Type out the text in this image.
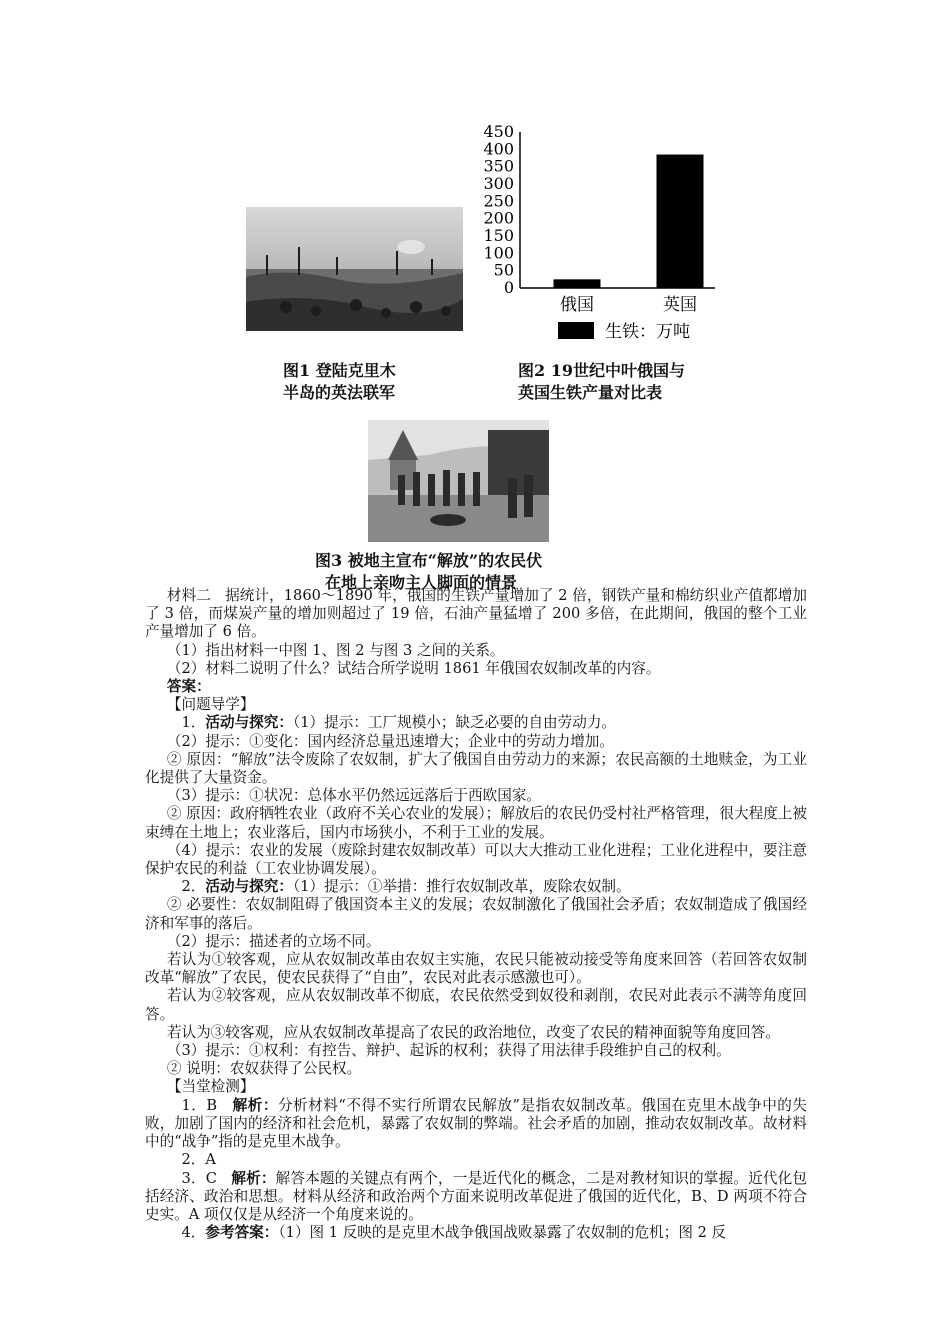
0
50
100
150
200
250
300
350
400
450
俄国	英国
生铁：万吨
图1 登陆克里木
半岛的英法联军
图2 19世纪中叶俄国与
英国生铁产量对比表
图3 被地主宣布“解放”的农民伏
在地上亲吻主人脚面的情景

材料二 据统计，1860～1890 年，俄国的生铁产量增加了 2 倍，钢铁产量和棉纺织业产值都增加了 3 倍，而煤炭产量的增加则超过了 19 倍，石油产量猛增了 200 多倍，在此期间，俄国的整个工业产量增加了 6 倍。

（1）指出材料一中图 1、图 2 与图 3 之间的关系。

（2）材料二说明了什么？试结合所学说明 1861 年俄国农奴制改革的内容。

答案：

【问题导学】

1．活动与探究：（1）提示：工厂规模小；缺乏必要的自由劳动力。

（2）提示：①变化：国内经济总量迅速增大；企业中的劳动力增加。

② 原因：“解放”法令废除了农奴制，扩大了俄国自由劳动力的来源；农民高额的土地赎金，为工业化提供了大量资金。

（3）提示：①状况：总体水平仍然远远落后于西欧国家。

② 原因：政府牺牲农业（政府不关心农业的发展）；解放后的农民仍受村社严格管理，很大程度上被束缚在土地上；农业落后，国内市场狭小，不利于工业的发展。

（4）提示：农业的发展（废除封建农奴制改革）可以大大推动工业化进程；工业化进程中，要注意保护农民的利益（工农业协调发展）。

2．活动与探究：（1）提示：①举措：推行农奴制改革，废除农奴制。

② 必要性：农奴制阻碍了俄国资本主义的发展；农奴制激化了俄国社会矛盾；农奴制造成了俄国经济和军事的落后。

（2）提示：描述者的立场不同。

若认为①较客观，应从农奴制改革由农奴主实施，农民只能被动接受等角度来回答（若回答农奴制改革“解放”了农民，使农民获得了“自由”，农民对此表示感激也可）。

若认为②较客观，应从农奴制改革不彻底，农民依然受到奴役和剥削，农民对此表示不满等角度回答。

若认为③较客观，应从农奴制改革提高了农民的政治地位，改变了农民的精神面貌等角度回答。

（3）提示：①权利：有控告、辩护、起诉的权利；获得了用法律手段维护自己的权利。

② 说明：农奴获得了公民权。

【当堂检测】

1．B 解析：分析材料“不得不实行所谓农民解放”是指农奴制改革。俄国在克里木战争中的失败，加剧了国内的经济和社会危机，暴露了农奴制的弊端。社会矛盾的加剧，推动农奴制改革。故材料中的“战争”指的是克里木战争。

2．A

3．C 解析：解答本题的关键点有两个，一是近代化的概念，二是对教材知识的掌握。近代化包括经济、政治和思想。材料从经济和政治两个方面来说明改革促进了俄国的近代化，B、D 两项不符合史实。A 项仅仅是从经济一个角度来说的。

4．参考答案：（1）图 1 反映的是克里木战争俄国战败暴露了农奴制的危机；图 2 反
